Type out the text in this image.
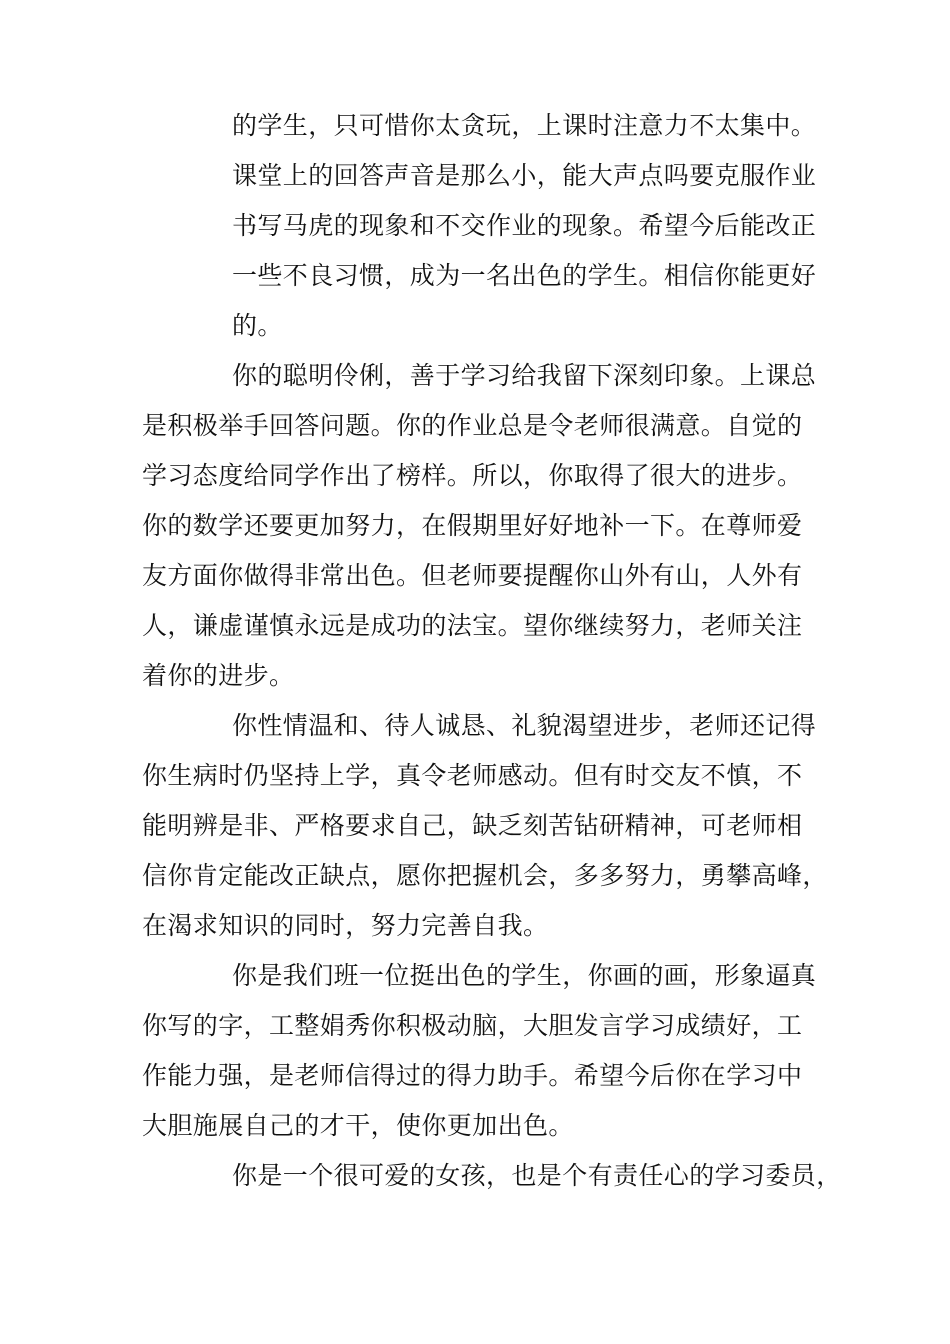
的学生，只可惜你太贪玩，上课时注意力不太集中。

课堂上的回答声音是那么小，能大声点吗要克服作业

书写马虎的现象和不交作业的现象。希望今后能改正

一些不良习惯，成为一名出色的学生。相信你能更好

的。

你的聪明伶俐，善于学习给我留下深刻印象。上课总

是积极举手回答问题。你的作业总是令老师很满意。自觉的

学习态度给同学作出了榜样。所以，你取得了很大的进步。

你的数学还要更加努力，在假期里好好地补一下。在尊师爱

友方面你做得非常出色。但老师要提醒你山外有山，人外有

人，谦虚谨慎永远是成功的法宝。望你继续努力，老师关注

着你的进步。

你性情温和、待人诚恳、礼貌渴望进步，老师还记得

你生病时仍坚持上学，真令老师感动。但有时交友不慎，不

能明辨是非、严格要求自己，缺乏刻苦钻研精神，可老师相

信你肯定能改正缺点，愿你把握机会，多多努力，勇攀高峰，

在渴求知识的同时，努力完善自我。

你是我们班一位挺出色的学生，你画的画，形象逼真

你写的字，工整娟秀你积极动脑，大胆发言学习成绩好，工

作能力强，是老师信得过的得力助手。希望今后你在学习中

大胆施展自己的才干，使你更加出色。

你是一个很可爱的女孩，也是个有责任心的学习委员，
